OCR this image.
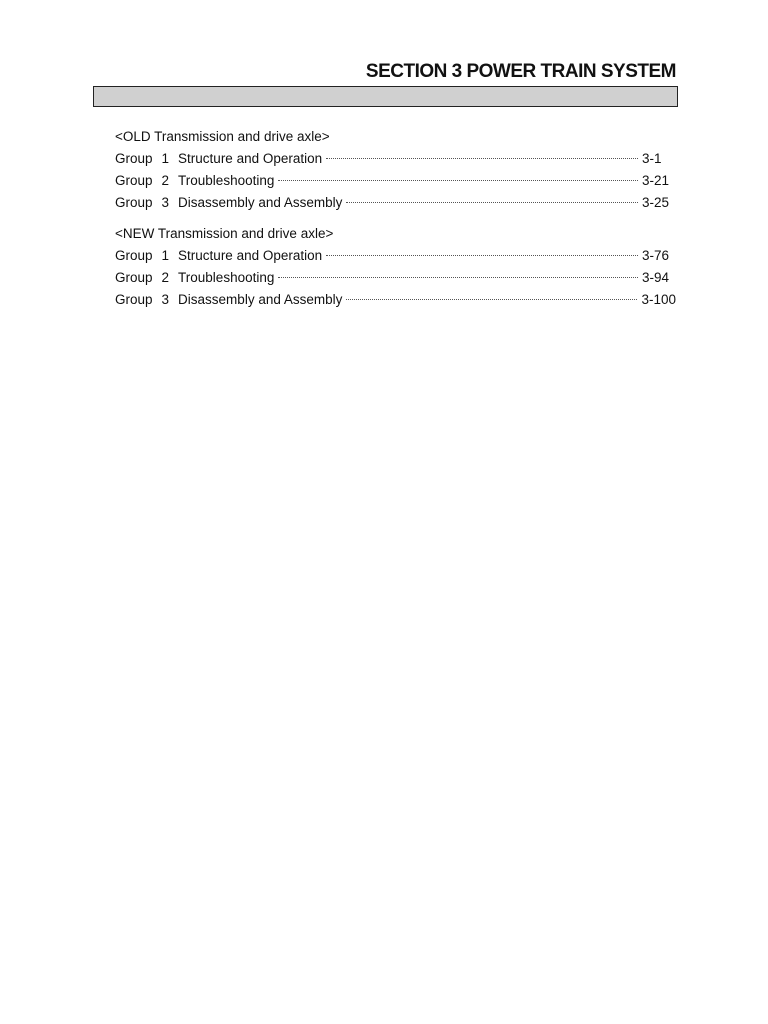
SECTION 3 POWER TRAIN SYSTEM
<OLD Transmission and drive axle>
Group 1 Structure and Operation	3-1
Group 2 Troubleshooting	3-21
Group 3 Disassembly and Assembly	3-25
<NEW Transmission and drive axle>
Group 1 Structure and Operation	3-76
Group 2 Troubleshooting	3-94
Group 3 Disassembly and Assembly	3-100
